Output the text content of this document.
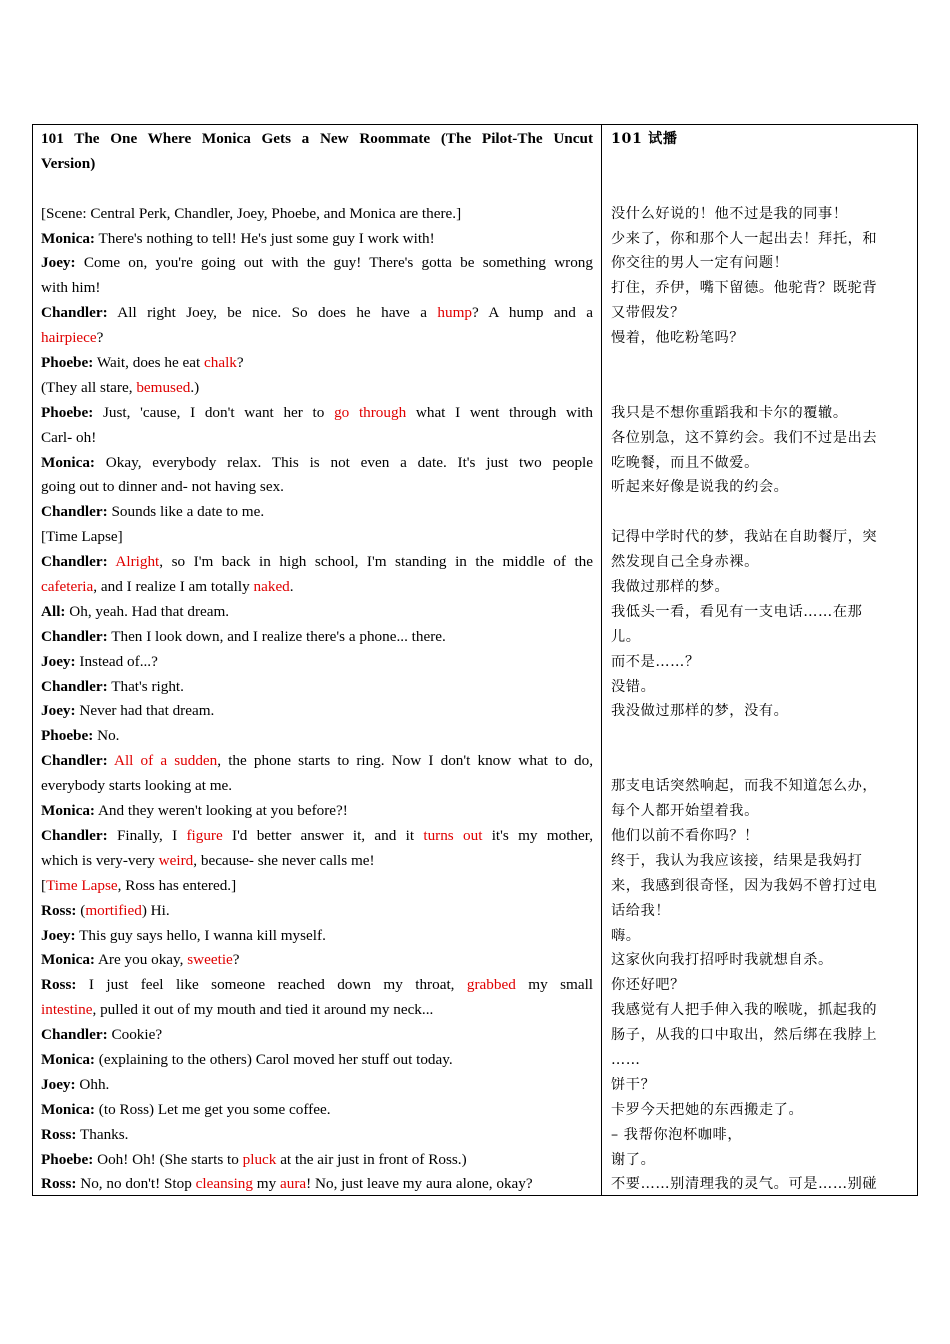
101 The One Where Monica Gets a New Roommate (The Pilot-The Uncut
Version)

[Scene: Central Perk, Chandler, Joey, Phoebe, and Monica are there.]
Monica: There's nothing to tell! He's just some guy I work with!
Joey: Come on, you're going out with the guy! There's gotta be something wrong
with him!
Chandler: All right Joey, be nice. So does he have a hump? A hump and a
hairpiece?
Phoebe: Wait, does he eat chalk?
(They all stare, bemused.)
Phoebe: Just, 'cause, I don't want her to go through what I went through with
Carl- oh!
Monica: Okay, everybody relax. This is not even a date. It's just two people
going out to dinner and- not having sex.
Chandler: Sounds like a date to me.
[Time Lapse]
Chandler: Alright, so I'm back in high school, I'm standing in the middle of the
cafeteria, and I realize I am totally naked.
All: Oh, yeah. Had that dream.
Chandler: Then I look down, and I realize there's a phone... there.
Joey: Instead of...?
Chandler: That's right.
Joey: Never had that dream.
Phoebe: No.
Chandler: All of a sudden, the phone starts to ring. Now I don't know what to do,
everybody starts looking at me.
Monica: And they weren't looking at you before?!
Chandler: Finally, I figure I'd better answer it, and it turns out it's my mother,
which is very-very weird, because- she never calls me!
[Time Lapse, Ross has entered.]
Ross: (mortified) Hi.
Joey: This guy says hello, I wanna kill myself.
Monica: Are you okay, sweetie?
Ross: I just feel like someone reached down my throat, grabbed my small
intestine, pulled it out of my mouth and tied it around my neck...
Chandler: Cookie?
Monica: (explaining to the others) Carol moved her stuff out today.
Joey: Ohh.
Monica: (to Ross) Let me get you some coffee.
Ross: Thanks.
Phoebe: Ooh! Oh! (She starts to pluck at the air just in front of Ross.)
Ross: No, no don't! Stop cleansing my aura! No, just leave my aura alone, okay?
101 试播
没什么好说的！他不过是我的同事！
少来了，你和那个人一起出去！拜托，和
你交往的男人一定有问题！
打住，乔伊，嘴下留德。他驼背？既驼背
又带假发？
慢着，他吃粉笔吗？
我只是不想你重蹈我和卡尔的覆辙。
各位别急，这不算约会。我们不过是出去
吃晚餐，而且不做爱。
听起来好像是说我的约会。
记得中学时代的梦，我站在自助餐厅，突
然发现自己全身赤裸。
我做过那样的梦。
我低头一看，看见有一支电话……在那
儿。
而不是……？
没错。
我没做过那样的梦，没有。
那支电话突然响起，而我不知道怎么办，
每个人都开始望着我。
他们以前不看你吗？！
终于，我认为我应该接，结果是我妈打
来，我感到很奇怪，因为我妈不曾打过电
话给我！
嗨。
这家伙向我打招呼时我就想自杀。
你还好吧？
我感觉有人把手伸入我的喉咙，抓起我的
肠子，从我的口中取出，然后绑在我脖上
……
饼干？
卡罗今天把她的东西搬走了。
– 我帮你泡杯咖啡，
谢了。
不要……别清理我的灵气。可是……别碰
